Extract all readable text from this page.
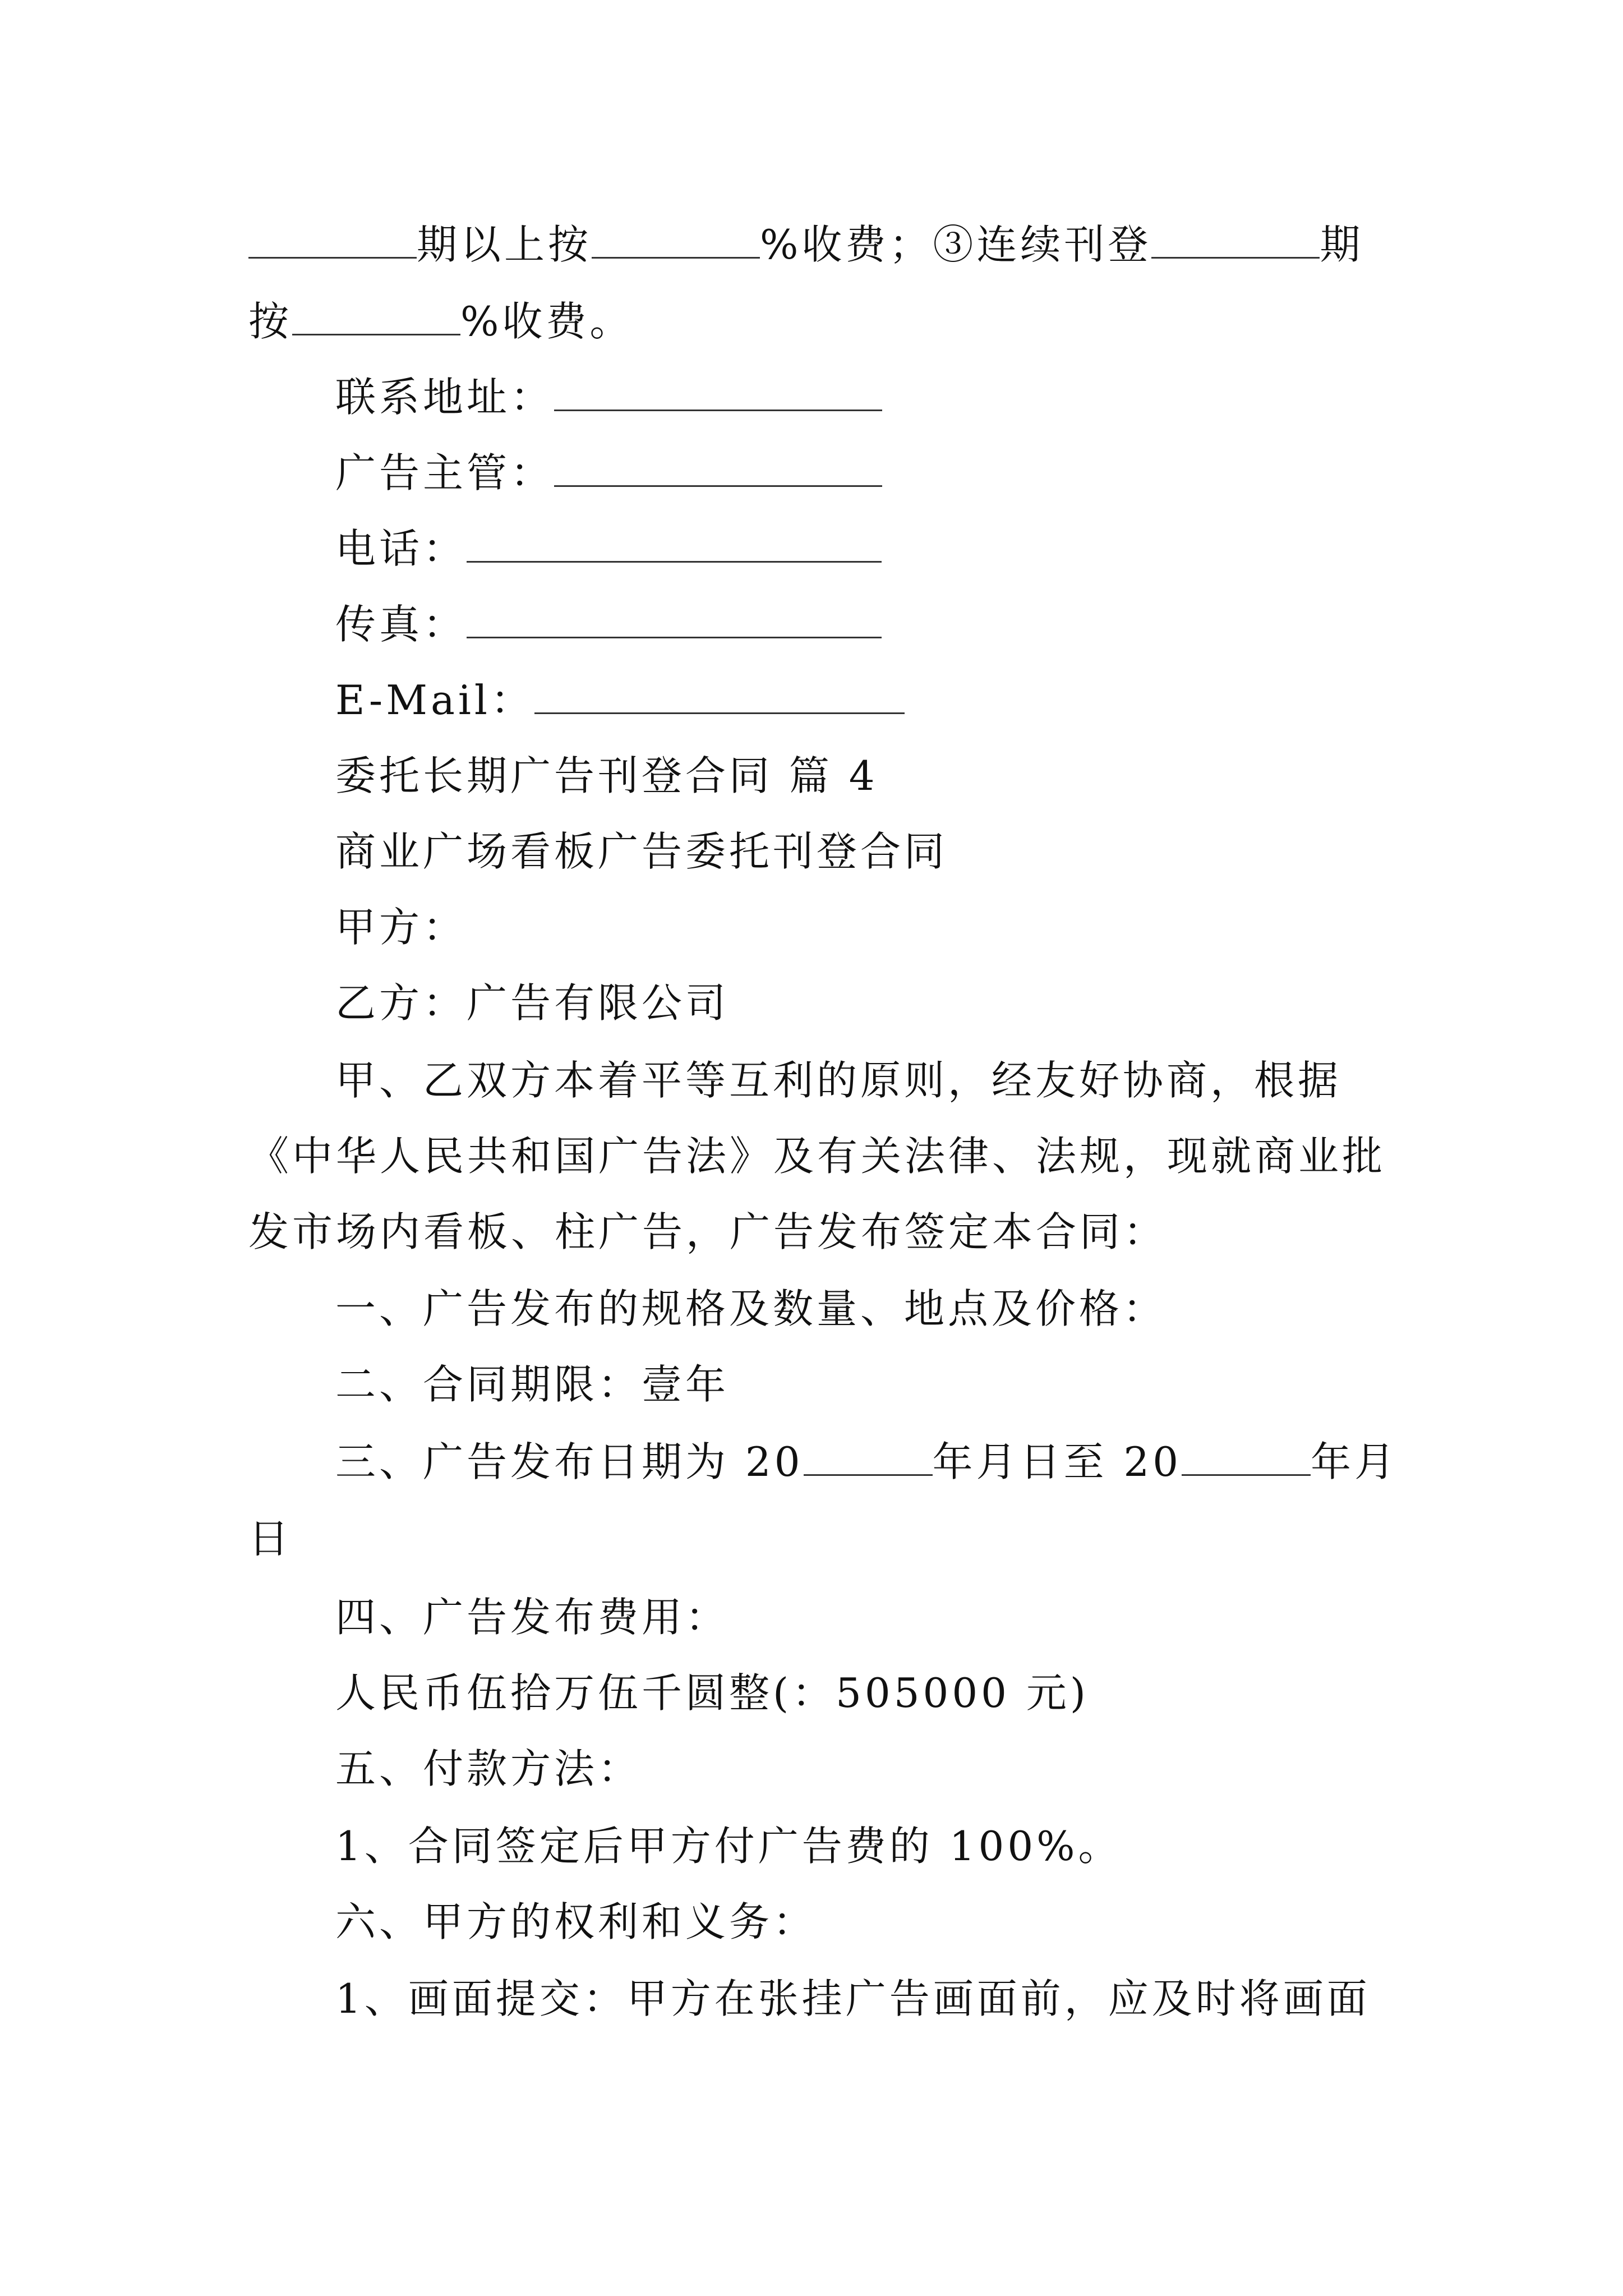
期以上按	%收费；③连续刊登	期
按	%收费。
联系地址：
广告主管：
电话：
传真：
E-Mail：
委托长期广告刊登合同 篇 4
商业广场看板广告委托刊登合同
甲方：
乙方：广告有限公司
甲、乙双方本着平等互利的原则，经友好协商，根据
《中华人民共和国广告法》及有关法律、法规，现就商业批
发市场内看板、柱广告，广告发布签定本合同：
一、广告发布的规格及数量、地点及价格：
二、合同期限：壹年
三、广告发布日期为 20	年月日至 20	年月
日
四、广告发布费用：
人民币伍拾万伍千圆整(：505000 元)
五、付款方法：
1、合同签定后甲方付广告费的 100%。
六、甲方的权利和义务：
1、画面提交：甲方在张挂广告画面前，应及时将画面
